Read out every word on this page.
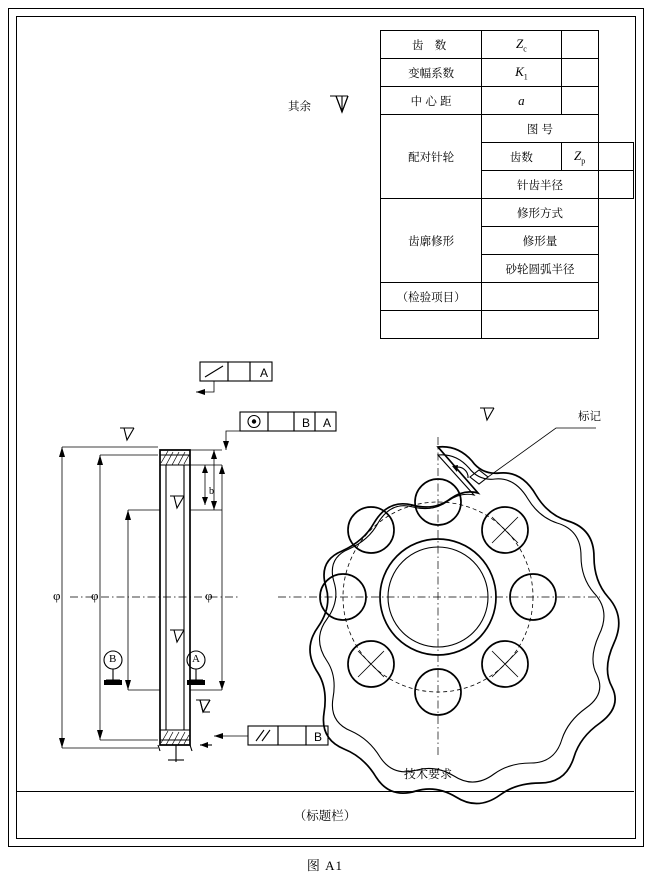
齿 数	$Z_c$	
变幅系数	$K_1$	
中 心 距	a		
配对针轮	图 号		
	齿数	$Z_p$	
	针齿半径		
齿廓修形	修形方式		
	修形量		
	砂轮圆弧半径		
（检验项目）			

其余
A
B A
B
B	A
φ φ	φ
b
标记
技术要求
（标题栏）
图 A1
